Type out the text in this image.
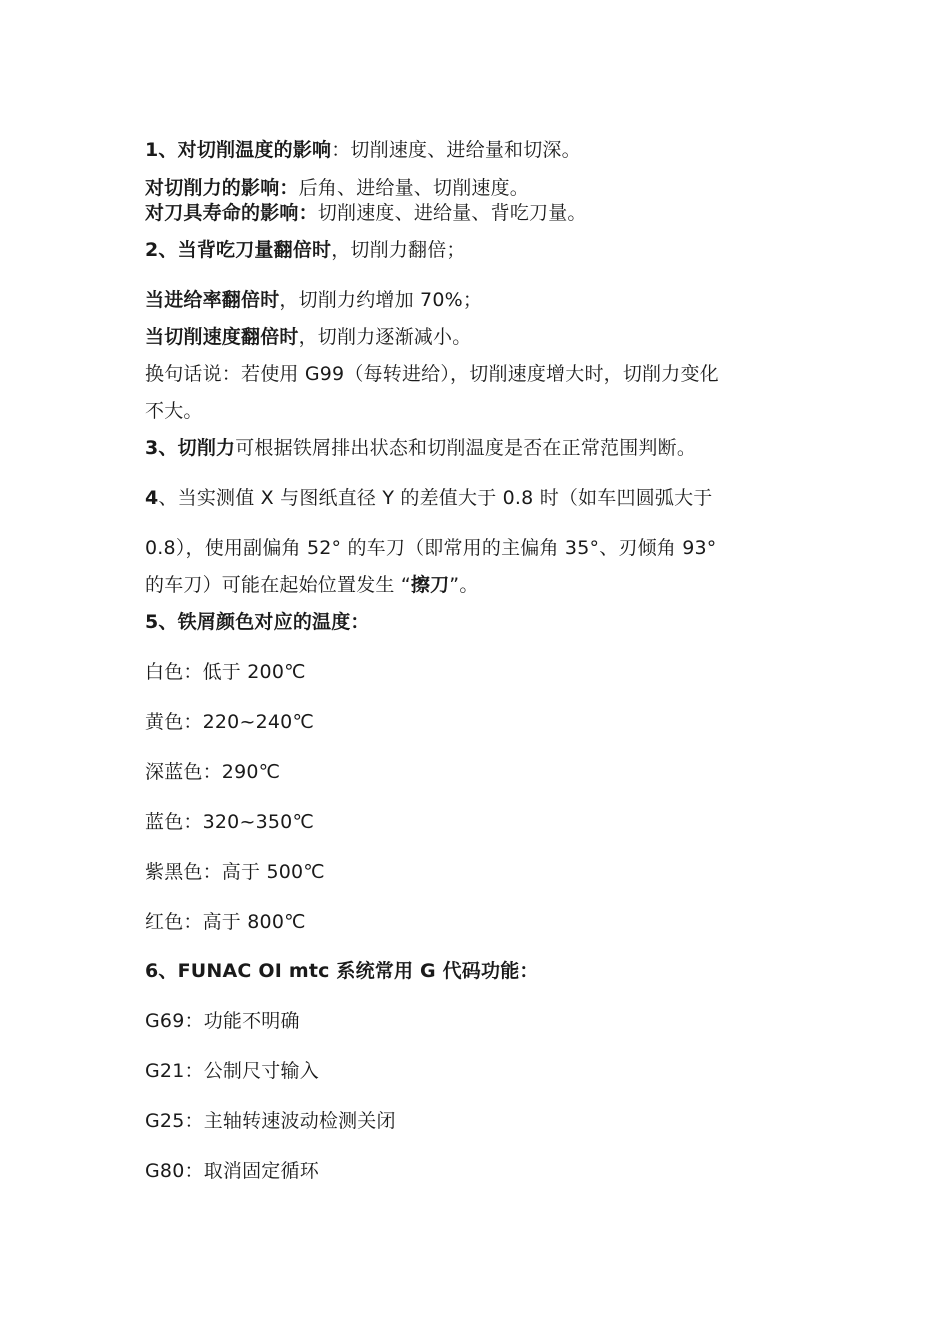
1、对切削温度的影响：切削速度、进给量和切深。
对切削力的影响：后角、进给量、切削速度。
对刀具寿命的影响：切削速度、进给量、背吃刀量。
2、当背吃刀量翻倍时，切削力翻倍；
当进给率翻倍时，切削力约增加 70%；
当切削速度翻倍时，切削力逐渐减小。
换句话说：若使用 G99（每转进给），切削速度增大时，切削力变化
不大。
3、切削力可根据铁屑排出状态和切削温度是否在正常范围判断。
4、当实测值 X 与图纸直径 Y 的差值大于 0.8 时（如车凹圆弧大于
0.8），使用副偏角 52° 的车刀（即常用的主偏角 35°、刃倾角 93°
的车刀）可能在起始位置发生 “擦刀”。
5、铁屑颜色对应的温度：
白色：低于 200℃
黄色：220~240℃
深蓝色：290℃
蓝色：320~350℃
紫黑色：高于 500℃
红色：高于 800℃
6、FUNAC OI mtc 系统常用 G 代码功能：
G69：功能不明确
G21：公制尺寸输入
G25：主轴转速波动检测关闭
G80：取消固定循环
